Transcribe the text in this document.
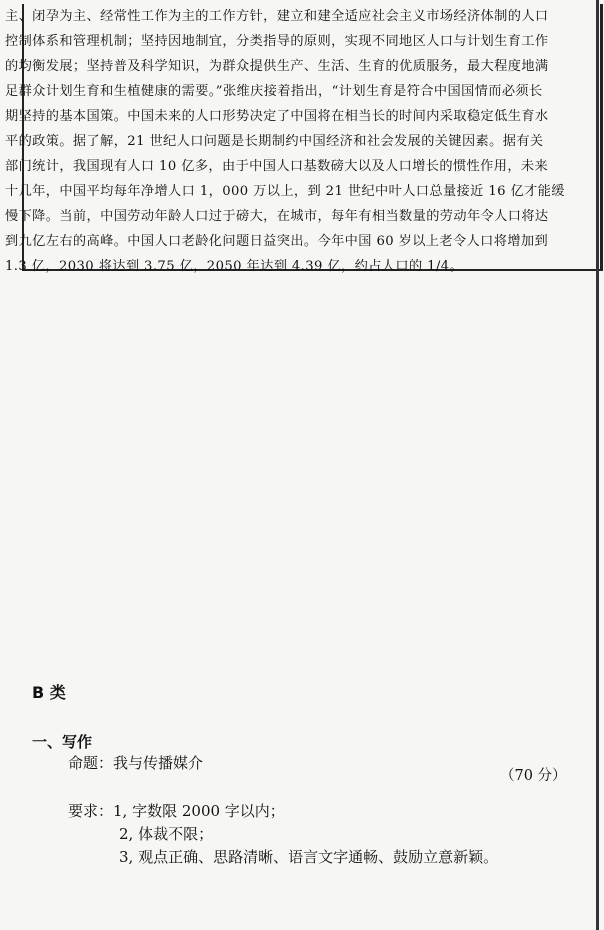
主、闭孕为主、经常性工作为主的工作方针，建立和建全适应社会主义市场经济体制的人口
控制体系和管理机制；坚持因地制宜，分类指导的原则，实现不同地区人口与计划生育工作
的均衡发展；坚持普及科学知识，为群众提供生产、生活、生育的优质服务，最大程度地满
足群众计划生育和生植健康的需要。”张维庆接着指出，“计划生育是符合中国国情而必须长
期坚持的基本国策。中国未来的人口形势决定了中国将在相当长的时间内采取稳定低生育水
平的政策。据了解，21 世纪人口问题是长期制约中国经济和社会发展的关键因素。据有关
部门统计，我国现有人口 10 亿多，由于中国人口基数磅大以及人口增长的惯性作用，未来
十几年，中国平均每年净增人口 1，000 万以上，到 21 世纪中叶人口总量接近 16 亿才能缓
慢下降。当前，中国劳动年龄人口过于磅大，在城市，每年有相当数量的劳动年令人口将达
到九亿左右的高峰。中国人口老龄化问题日益突出。今年中国 60 岁以上老令人口将增加到
1.3 亿，2030 将达到 3.75 亿，2050 年达到 4.39 亿，约占人口的 1/4。
B 类
一、写作
命题：我与传播媒介
（70 分）
要求：1, 字数限 2000 字以内；
2, 体裁不限；
3, 观点正确、思路清晰、语言文字通畅、鼓励立意新颖。
